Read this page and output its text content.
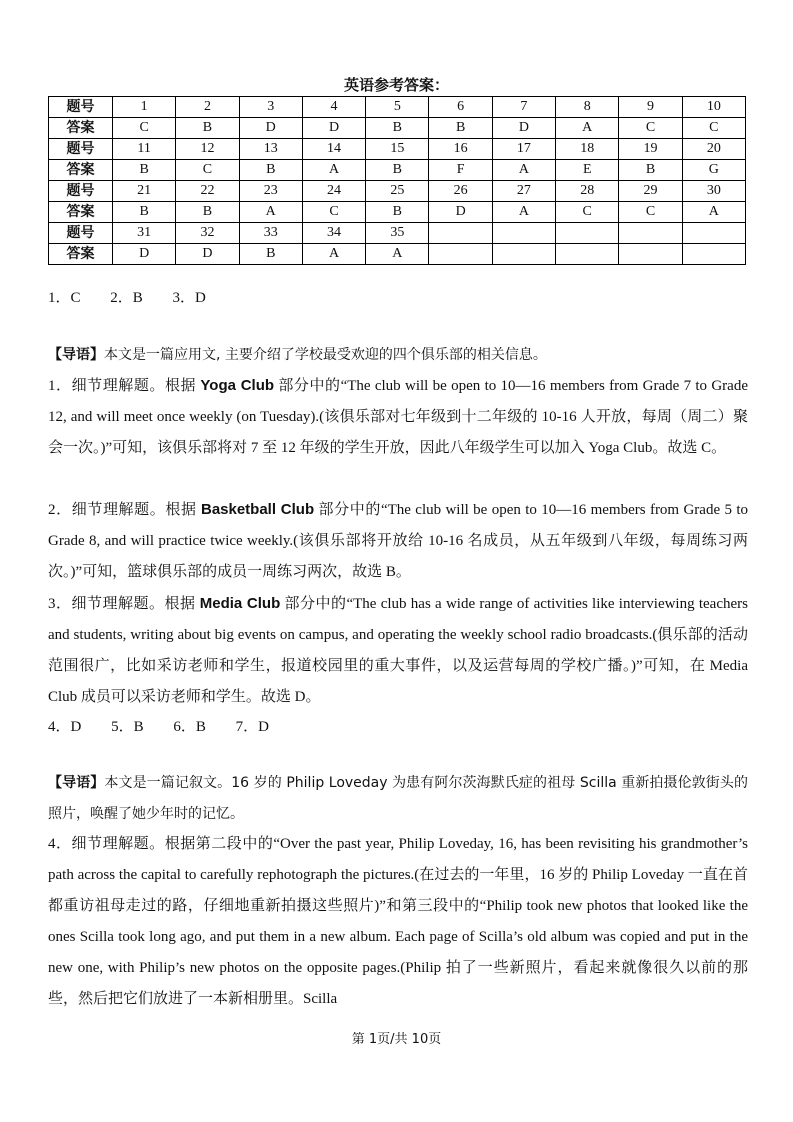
英语参考答案：
题号	1	2	3	4	5	6	7	8	9	10
答案	C	B	D	D	B	B	D	A	C	C
题号	11	12	13	14	15	16	17	18	19	20
答案	B	C	B	A	B	F	A	E	B	G
题号	21	22	23	24	25	26	27	28	29	30
答案	B	B	A	C	B	D	A	C	C	A
题号	31	32	33	34	35					
答案	D	D	B	A	A					
1．C 2．B 3．D

【导语】本文是一篇应用文, 主要介绍了学校最受欢迎的四个俱乐部的相关信息。

1．细节理解题。根据 Yoga Club 部分中的“The club will be open to 10—16 members from Grade 7 to Grade 12, and will meet once weekly (on Tuesday).(该俱乐部对七年级到十二年级的 10-16 人开放，每周（周二）聚会一次。)”可知，该俱乐部将对 7 至 12 年级的学生开放，因此八年级学生可以加入 Yoga Club。故选 C。

2．细节理解题。根据 Basketball Club 部分中的“The club will be open to 10—16 members from Grade 5 to Grade 8, and will practice twice weekly.(该俱乐部将开放给 10-16 名成员，从五年级到八年级，每周练习两次。)”可知，篮球俱乐部的成员一周练习两次，故选 B。

3．细节理解题。根据 Media Club 部分中的“The club has a wide range of activities like interviewing teachers and students, writing about big events on campus, and operating the weekly school radio broadcasts.(俱乐部的活动范围很广，比如采访老师和学生，报道校园里的重大事件，以及运营每周的学校广播。)”可知，在 Media Club 成员可以采访老师和学生。故选 D。

4．D 5．B 6．B 7．D

【导语】本文是一篇记叙文。16 岁的 Philip Loveday 为患有阿尔茨海默氏症的祖母 Scilla 重新拍摄伦敦街头的照片，唤醒了她少年时的记忆。

4．细节理解题。根据第二段中的“Over the past year, Philip Loveday, 16, has been revisiting his grandmother’s path across the capital to carefully rephotograph the pictures.(在过去的一年里，16 岁的 Philip Loveday 一直在首都重访祖母走过的路，仔细地重新拍摄这些照片)”和第三段中的“Philip took new photos that looked like the ones Scilla took long ago, and put them in a new album. Each page of Scilla’s old album was copied and put in the new one, with Philip’s new photos on the opposite pages.(Philip 拍了一些新照片，看起来就像很久以前的那些，然后把它们放进了一本新相册里。Scilla

第 1页/共 10页
